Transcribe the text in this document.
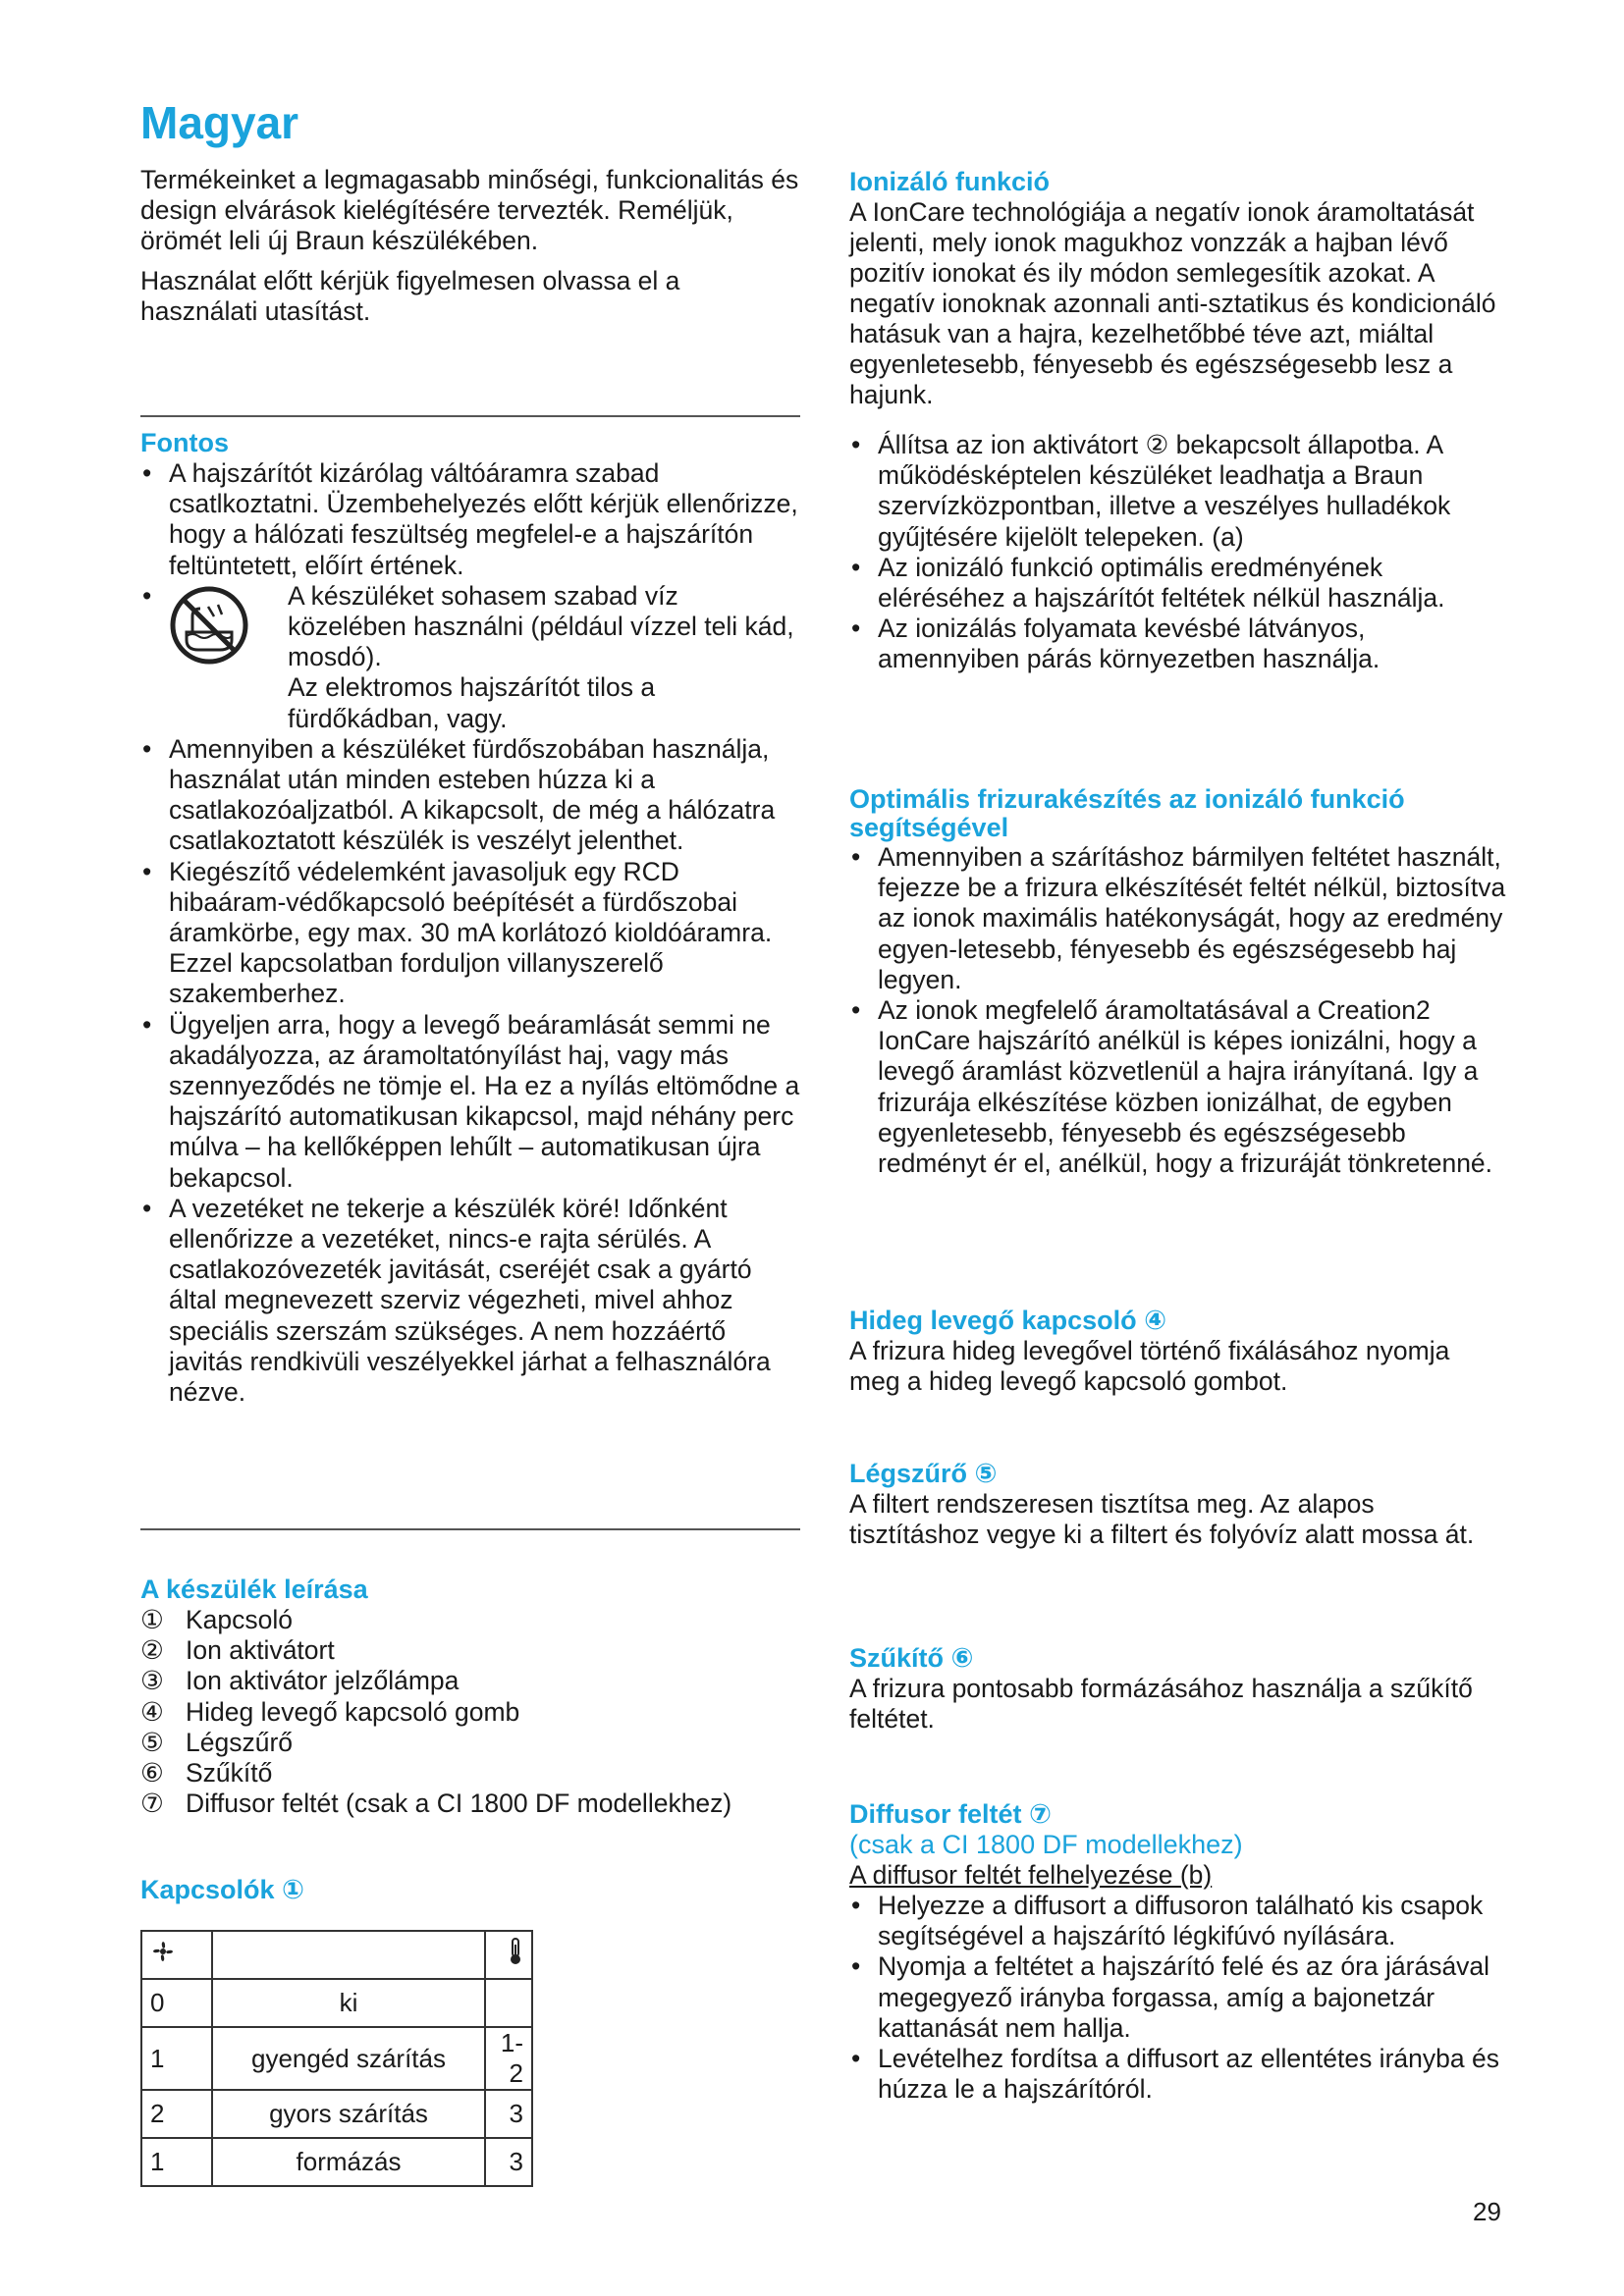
Magyar

Termékeinket a legmagasabb minőségi, funkcionalitás és design elvárások kielégítésére tervezték. Reméljük, örömét leli új Braun készülékében.

Használat előtt kérjük figyelmesen olvassa el a használati utasítást.

Fontos
• A hajszárítót kizárólag váltóáramra szabad csatlkoztatni. Üzembehelyezés előtt kérjük ellenőrizze, hogy a hálózati feszültség megfelel-e a hajszárítón feltüntetett, előírt értének.
• A készüléket sohasem szabad víz közelében használni (például vízzel teli kád, mosdó).
Az elektromos hajszárítót tilos a fürdőkádban, vagy.
• Amennyiben a készüléket fürdőszobában használja, használat után minden esteben húzza ki a csatlakozóaljzatból. A kikapcsolt, de még a hálózatra csatlakoztatott készülék is veszélyt jelenthet.
• Kiegészítő védelemként javasoljuk egy RCD hibaáram-védőkapcsoló beépítését a fürdőszobai áramkörbe, egy max. 30 mA korlátozó kioldóáramra. Ezzel kapcsolatban forduljon villanyszerelő szakemberhez.
• Ügyeljen arra, hogy a levegő beáramlását semmi ne akadályozza, az áramoltatónyílást haj, vagy más szennyeződés ne tömje el. Ha ez a nyílás eltömődne a hajszárító automatikusan kikapcsol, majd néhány perc múlva – ha kellőképpen lehűlt – automatikusan újra bekapcsol.
• A vezetéket ne tekerje a készülék köré! Időnként ellenőrizze a vezetéket, nincs-e rajta sérülés. A csatlakozóvezeték javitását, cseréjét csak a gyártó által megnevezett szerviz végezheti, mivel ahhoz speciális szerszám szükséges. A nem hozzáértő javitás rendkivüli veszélyekkel járhat a felhasználóra nézve.
A készülék leírása
① Kapcsoló
② Ion aktivátort
③ Ion aktivátor jelzőlámpa
④ Hideg levegő kapcsoló gomb
⑤ Légszűrő
⑥ Szűkítő
⑦ Diffusor feltét (csak a CI 1800 DF modellekhez)
Kapcsolók ①

0	ki	
1	gyengéd szárítás	1-2
2	gyors szárítás	3
1	formázás	3
Ionizáló funkció

A IonCare technológiája a negatív ionok áramoltatását jelenti, mely ionok magukhoz vonzzák a hajban lévő pozitív ionokat és ily módon semlegesítik azokat. A negatív ionoknak azonnali anti-sztatikus és kondicionáló hatásuk van a hajra, kezelhetőbbé téve azt, miáltal egyenletesebb, fényesebb és egészségesebb lesz a hajunk.

• Állítsa az ion aktivátort ② bekapcsolt állapotba. A működésképtelen készüléket leadhatja a Braun szervízközpontban, illetve a veszélyes hulladékok gyűjtésére kijelölt telepeken. (a)
• Az ionizáló funkció optimális eredményének eléréséhez a hajszárítót feltétek nélkül használja.
• Az ionizálás folyamata kevésbé látványos, amennyiben párás környezetben használja.
Optimális frizurakészítés az ionizáló funkció segítségével
• Amennyiben a szárításhoz bármilyen feltétet használt, fejezze be a frizura elkészítését feltét nélkül, biztosítva az ionok maximális hatékonyságát, hogy az eredmény egyen-letesebb, fényesebb és egészségesebb haj legyen.
• Az ionok megfelelő áramoltatásával a Creation2 IonCare hajszárító anélkül is képes ionizálni, hogy a levegő áramlást közvetlenül a hajra irányítaná. Igy a frizurája elkészítése közben ionizálhat, de egyben egyenletesebb, fényesebb és egészségesebb redményt ér el, anélkül, hogy a frizuráját tönkretenné.
Hideg levegő kapcsoló ④

A frizura hideg levegővel történő fixálásához nyomja meg a hideg levegő kapcsoló gombot.

Légszűrő ⑤

A filtert rendszeresen tisztítsa meg. Az alapos tisztításhoz vegye ki a filtert és folyóvíz alatt mossa át.

Szűkítő ⑥

A frizura pontosabb formázásához használja a szűkítő feltétet.

Diffusor feltét ⑦

(csak a CI 1800 DF modellekhez)

A diffusor feltét felhelyezése (b)

• Helyezze a diffusort a diffusoron található kis csapok segítségével a hajszárító légkifúvó nyílására.
• Nyomja a feltétet a hajszárító felé és az óra járásával megegyező irányba forgassa, amíg a bajonetzár kattanását nem hallja.
• Levételhez fordítsa a diffusort az ellentétes irányba és húzza le a hajszárítóról.
29
